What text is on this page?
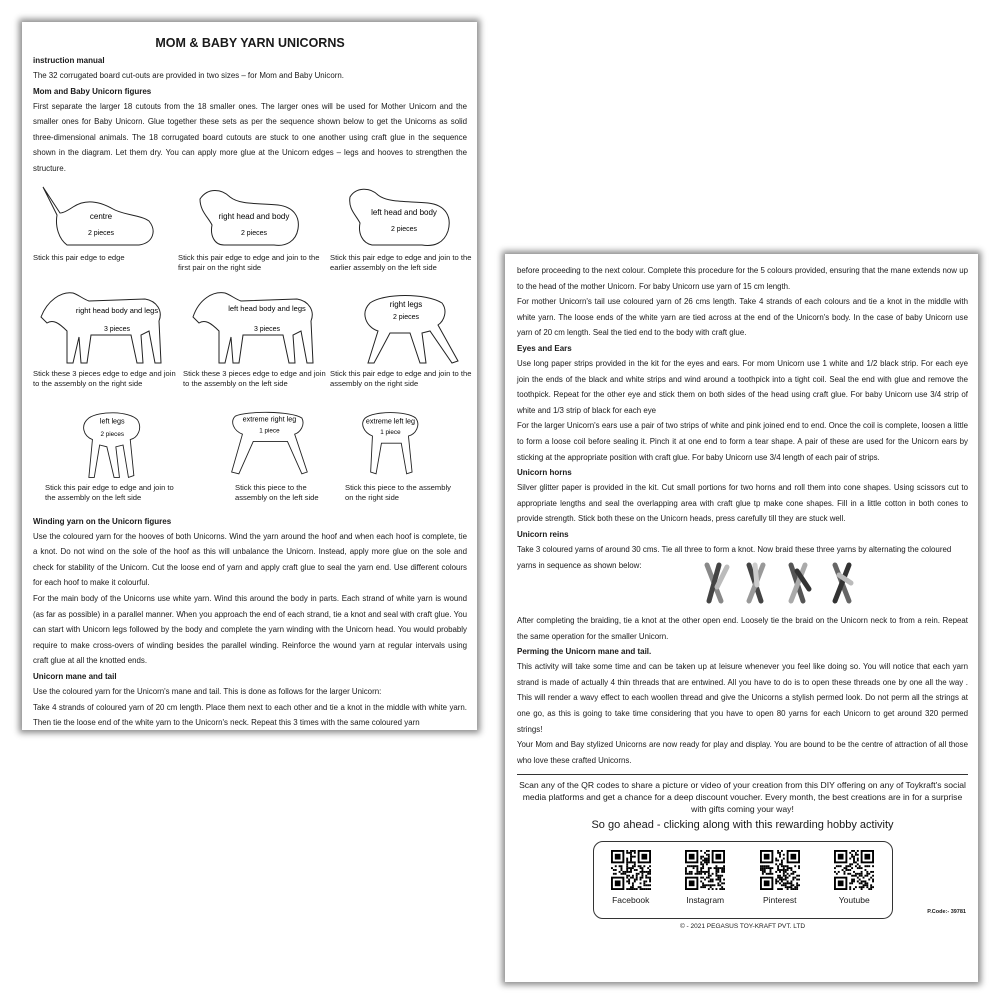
MOM & BABY YARN UNICORNS
instruction manual

The 32 corrugated board cut-outs are provided in two sizes – for Mom and Baby Unicorn.

Mom and Baby Unicorn figures

First separate the larger 18 cutouts from the 18 smaller ones. The larger ones will be used for Mother Unicorn and the smaller ones for Baby Unicorn. Glue together these sets as per the sequence shown below to get the Unicorns as solid three-dimensional animals. The 18 corrugated board cutouts are stuck to one another using craft glue in the sequence shown in the diagram. Let them dry. You can apply more glue at the Unicorn edges – legs and hooves to strengthen the structure.

centre
2 pieces
Stick this pair edge to edge
right head and body
2 pieces
Stick this pair edge to edge and join to the first pair on the right side
left head and body
2 pieces
Stick this pair edge to edge and join to the earlier assembly on the left side
right head body and legs
3 pieces
Stick these 3 pieces edge to edge and join to the assembly on the right side
left head body and legs
3 pieces
Stick these 3 pieces edge to edge and join to the assembly on the left side
right legs
2 pieces
Stick this pair edge to edge and join to the assembly on the right side
left legs
2 pieces
Stick this pair edge to edge and join to the assembly on the left side
extreme right leg
1 piece
Stick this piece to the assembly on the left side
extreme left leg
1 piece
Stick this piece to the assembly on the right side
Winding yarn on the Unicorn figures

Use the coloured yarn for the hooves of both Unicorns. Wind the yarn around the hoof and when each hoof is complete, tie a knot. Do not wind on the sole of the hoof as this will unbalance the Unicorn. Instead, apply more glue on the sole and check for stability of the Unicorn. Cut the loose end of yarn and apply craft glue to seal the yarn end. Use different colours for each hoof to make it colourful.

For the main body of the Unicorns use white yarn. Wind this around the body in parts. Each strand of white yarn is wound (as far as possible) in a parallel manner. When you approach the end of each strand, tie a knot and seal with craft glue. You can start with Unicorn legs followed by the body and complete the yarn winding with the Unicorn head. You would probably require to make cross-overs of winding besides the parallel winding. Reinforce the wound yarn at regular intervals using craft glue at all the knotted ends.

Unicorn mane and tail

Use the coloured yarn for the Unicorn's mane and tail. This is done as follows for the larger Unicorn:

Take 4 strands of coloured yarn of 20 cm length. Place them next to each other and tie a knot in the middle with white yarn. Then tie the loose end of the white yarn to the Unicorn's neck. Repeat this 3 times with the same coloured yarn

before proceeding to the next colour. Complete this procedure for the 5 colours provided, ensuring that the mane extends now up to the head of the mother Unicorn. For baby Unicorn use yarn of 15 cm length.

For mother Unicorn's tail use coloured yarn of 26 cms length. Take 4 strands of each colours and tie a knot in the middle with white yarn. The loose ends of the white yarn are tied across at the end of the Unicorn's body. In the case of baby Unicorn use yarn of 20 cm length. Seal the tied end to the body with craft glue.

Eyes and Ears

Use long paper strips provided in the kit for the eyes and ears. For mom Unicorn use 1 white and 1/2 black strip. For each eye join the ends of the black and white strips and wind around a toothpick into a tight coil. Seal the end with glue and remove the toothpick. Repeat for the other eye and stick them on both sides of the head using craft glue. For baby Unicorn use 3/4 strip of white and 1/3 strip of black for each eye

For the larger Unicorn's ears use a pair of two strips of white and pink joined end to end. Once the coil is complete, loosen a little to form a loose coil before sealing it. Pinch it at one end to form a tear shape. A pair of these are used for the Unicorn ears by sticking at the appropriate position with craft glue. For baby Unicorn use 3/4 length of each pair of strips.

Unicorn horns

Silver glitter paper is provided in the kit. Cut small portions for two horns and roll them into cone shapes. Using scissors cut to appropriate lengths and seal the overlapping area with craft glue tp make cone shapes. Fill in a little cotton in both cones to provide strength. Stick both these on the Unicorn heads, press carefully till they are stuck well.

Unicorn reins

Take 3 coloured yarns of around 30 cms. Tie all three to form a knot. Now braid these three yarns by alternating the coloured yarns in sequence as shown below:

After completing the braiding, tie a knot at the other open end. Loosely tie the braid on the Unicorn neck to from a rein. Repeat the same operation for the smaller Unicorn.

Perming the Unicorn mane and tail.

This activity will take some time and can be taken up at leisure whenever you feel like doing so. You will notice that each yarn strand is made of actually 4 thin threads that are entwined. All you have to do is to open these threads one by one all the way . This will render a wavy effect to each woollen thread and give the Unicorns a stylish permed look. Do not perm all the strings at one go, as this is going to take time considering that you have to open 80 yarns for each Unicorn to get around 320 permed strings!

Your Mom and Bay stylized Unicorns are now ready for play and display. You are bound to be the centre of attraction of all those who love these crafted Unicorns.

Scan any of the QR codes to share a picture or video of your creation from this DIY offering on any of Toykraft's social media platforms and get a chance for a deep discount voucher. Every month, the best creations are in for a surprise with gifts coming your way!
So go ahead - clicking along with this rewarding hobby activity
Facebook	Instagram	Pinterest	Youtube
P.Code:- 39781
© - 2021 PEGASUS TOY-KRAFT PVT. LTD
